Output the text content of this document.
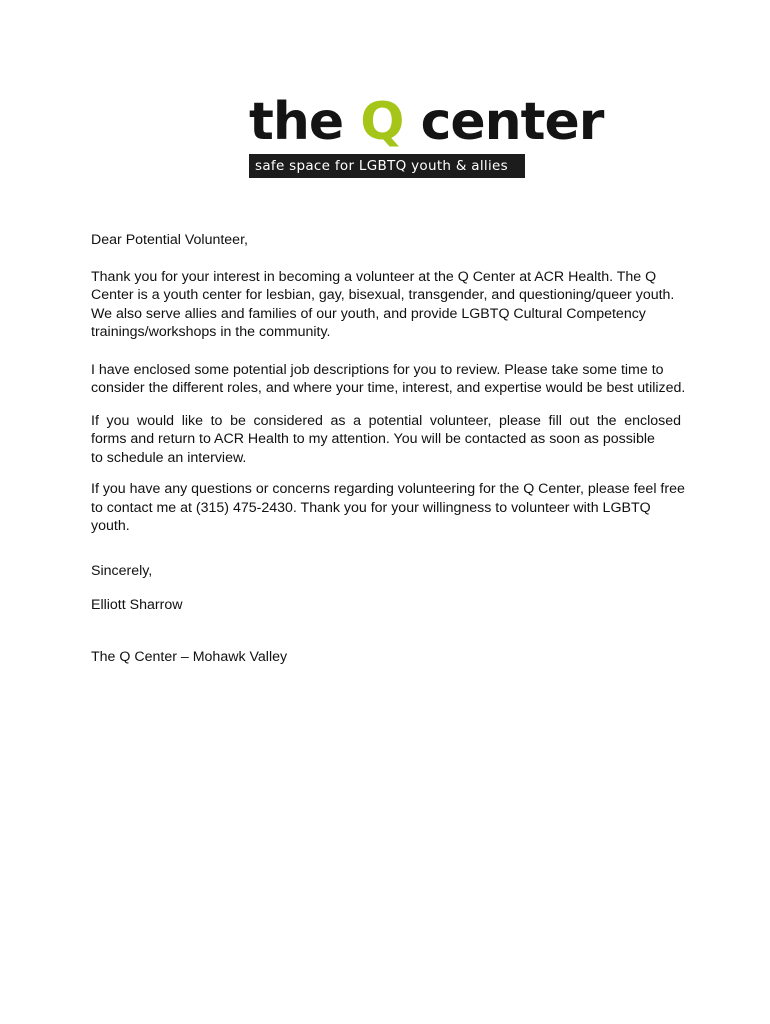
the Q center
safe space for LGBTQ youth & allies

Dear Potential Volunteer,

Thank you for your interest in becoming a volunteer at the Q Center at ACR Health. The Q
Center is a youth center for lesbian, gay, bisexual, transgender, and questioning/queer youth.
We also serve allies and families of our youth, and provide LGBTQ Cultural Competency
trainings/workshops in the community.

I have enclosed some potential job descriptions for you to review. Please take some time to
consider the different roles, and where your time, interest, and expertise would be best utilized.

If you would like to be considered as a potential volunteer, please fill out the enclosed
forms and return to ACR Health to my attention. You will be contacted as soon as possible
to schedule an interview.

If you have any questions or concerns regarding volunteering for the Q Center, please feel free
to contact me at (315) 475-2430. Thank you for your willingness to volunteer with LGBTQ
youth.

Sincerely,

Elliott Sharrow

The Q Center – Mohawk Valley
